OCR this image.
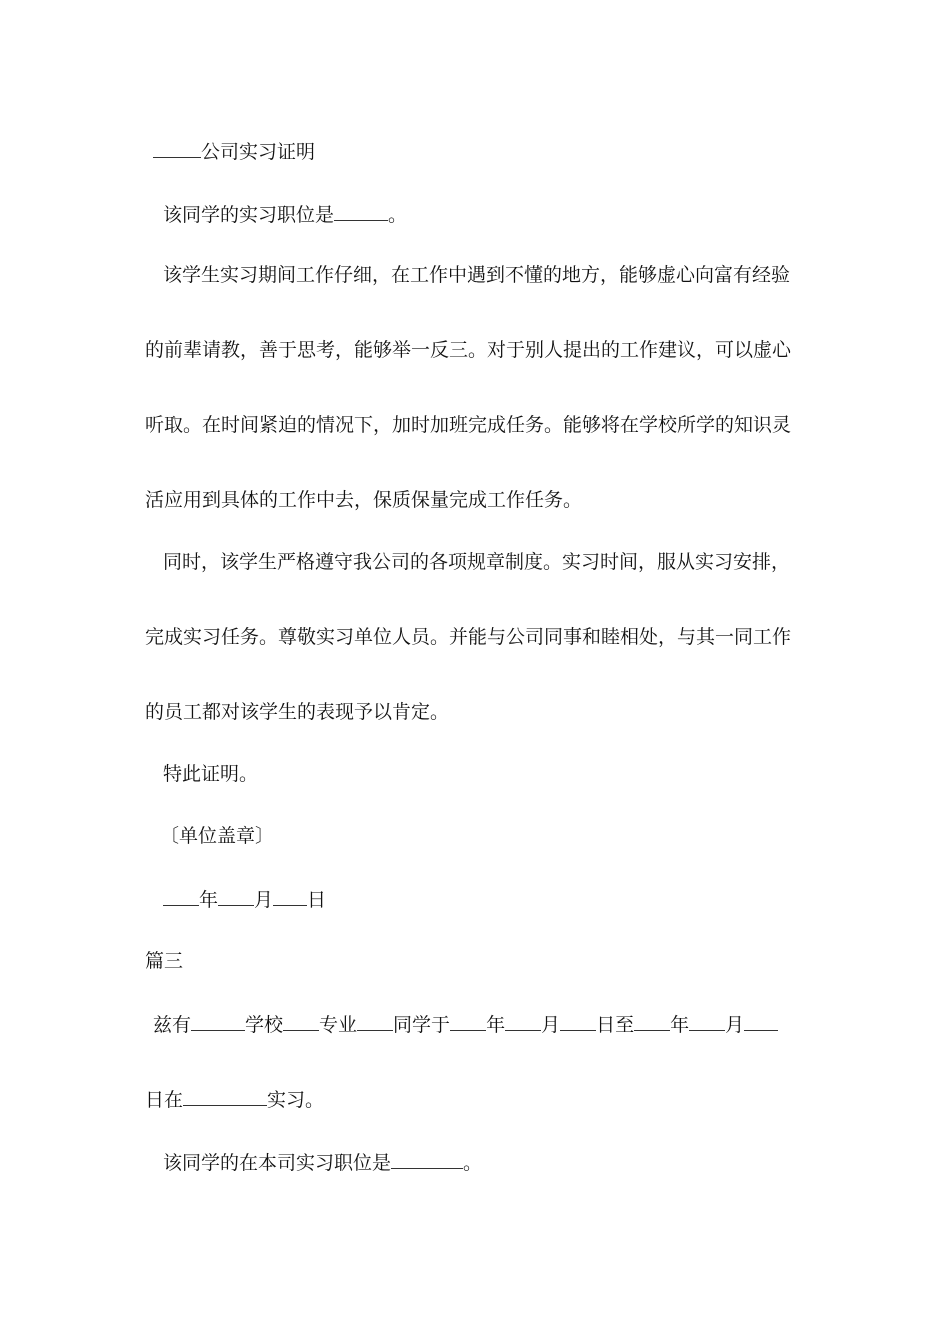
公司实习证明
该同学的实习职位是	。
该学生实习期间工作仔细，在工作中遇到不懂的地方，能够虚心向富有经验
的前辈请教，善于思考，能够举一反三。对于别人提出的工作建议，可以虚心
听取。在时间紧迫的情况下，加时加班完成任务。能够将在学校所学的知识灵
活应用到具体的工作中去，保质保量完成工作任务。
同时，该学生严格遵守我公司的各项规章制度。实习时间，服从实习安排，
完成实习任务。尊敬实习单位人员。并能与公司同事和睦相处，与其一同工作
的员工都对该学生的表现予以肯定。
特此证明。
〔单位盖章〕
年 月 日
篇三
兹有	学校 专业 同学于 年 月 日至 年 月
日在	实习。
该同学的在本司实习职位是	。
